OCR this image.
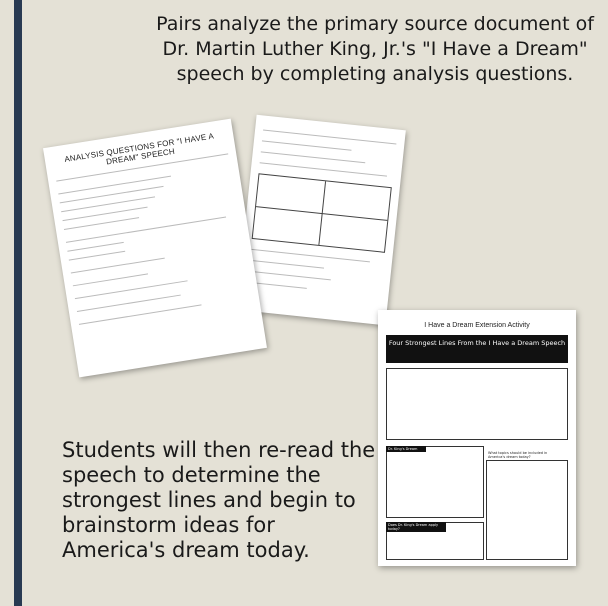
Pairs analyze the primary source document of Dr. Martin Luther King, Jr.'s "I Have a Dream" speech by completing analysis questions.
ANALYSIS QUESTIONS FOR "I HAVE A DREAM" SPEECH
I Have a Dream Extension Activity
Four Strongest Lines From the I Have a Dream Speech
Dr. King's Dream
What topics should be included in America's dream today?
Does Dr. King's Dream apply today?
Students will then re-read the speech to determine the strongest lines and begin to brainstorm ideas for America's dream today.
